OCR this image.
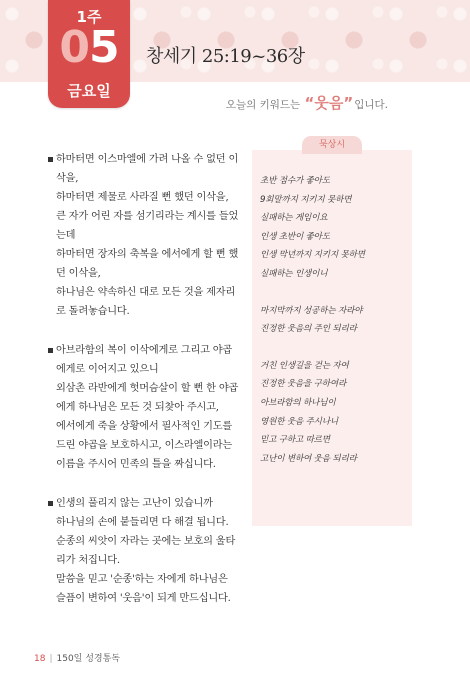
1주
05
금요일
창세기 25:19~36장
오늘의 키워드는 “웃음”입니다.
하마터면 이스마엘에 가려 나올 수 없던 이
삭을,
하마터면 제물로 사라질 뻔 했던 이삭을,
큰 자가 어린 자를 섬기리라는 계시를 들었
는데
하마터면 장자의 축복을 에서에게 할 뻔 했
던 이삭을,
하나님은 약속하신 대로 모든 것을 제자리
로 돌려놓습니다.
아브라함의 복이 이삭에게로 그리고 야곱
에게로 이어지고 있으니
외삼촌 라반에게 헛머슴살이 할 뻔 한 야곱
에게 하나님은 모든 것 되찾아 주시고,
에서에게 죽을 상황에서 필사적인 기도를
드린 야곱을 보호하시고, 이스라엘이라는
이름을 주시어 민족의 틀을 짜십니다.
인생의 풀리지 않는 고난이 있습니까
하나님의 손에 붙들리면 다 해결 됩니다.
순종의 씨앗이 자라는 곳에는 보호의 울타
리가 처집니다.
말씀을 믿고 '순종'하는 자에게 하나님은
슬픔이 변하여 '웃음'이 되게 만드십니다.
묵상시
초반 점수가 좋아도
9회말까지 지키지 못하면
실패하는 게임이요
인생 초반이 좋아도
인생 막년까지 지키지 못하면
실패하는 인생이니
마지막까지 성공하는 자라야
진정한 웃음의 주인 되리라
거친 인생길을 걷는 자여
진정한 웃음을 구하여라
아브라함의 하나님이
영원한 웃음 주시나니
믿고 구하고 따르면
고난이 변하여 웃음 되리라
18 | 150일 성경통독
